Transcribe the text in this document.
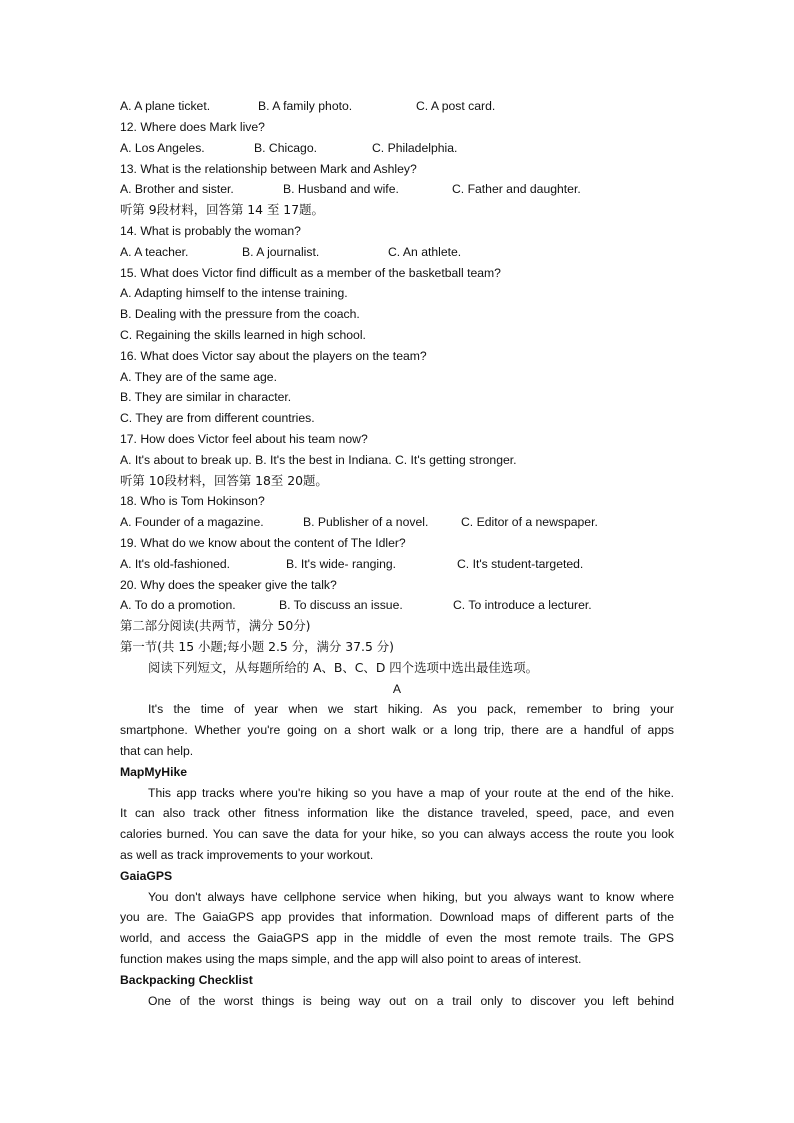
A. A plane ticket.	B. A family photo.	C. A post card.
12. Where does Mark live?
A. Los Angeles.	B. Chicago.	C. Philadelphia.
13. What is the relationship between Mark and Ashley?
A. Brother and sister.	B. Husband and wife.	C. Father and daughter.
听第 9段材料，回答第 14 至 17题。
14. What is probably the woman?
A. A teacher.	B. A journalist.	C. An athlete.
15. What does Victor find difficult as a member of the basketball team?
A. Adapting himself to the intense training.
B. Dealing with the pressure from the coach.
C. Regaining the skills learned in high school.
16. What does Victor say about the players on the team?
A. They are of the same age.
B. They are similar in character.
C. They are from different countries.
17. How does Victor feel about his team now?
A. It's about to break up. B. It's the best in Indiana. C. It's getting stronger.
听第 10段材料，回答第 18至 20题。
18. Who is Tom Hokinson?
A. Founder of a magazine.	B. Publisher of a novel.	C. Editor of a newspaper.
19. What do we know about the content of The Idler?
A. It's old-fashioned.	B. It's wide- ranging.	C. It's student-targeted.
20. Why does the speaker give the talk?
A. To do a promotion.	B. To discuss an issue.	C. To introduce a lecturer.
第二部分阅读(共两节，满分 50分)
第一节(共 15 小题;每小题 2.5 分，满分 37.5 分)
阅读下列短文，从每题所给的 A、B、C、D 四个选项中选出最佳选项。
A
It's the time of year when we start hiking. As you pack, remember to bring your
smartphone. Whether you're going on a short walk or a long trip, there are a handful of apps
that can help.
MapMyHike
This app tracks where you're hiking so you have a map of your route at the end of the hike.
It can also track other fitness information like the distance traveled, speed, pace, and even
calories burned. You can save the data for your hike, so you can always access the route you look
as well as track improvements to your workout.
GaiaGPS
You don't always have cellphone service when hiking, but you always want to know where
you are. The GaiaGPS app provides that information. Download maps of different parts of the
world, and access the GaiaGPS app in the middle of even the most remote trails. The GPS
function makes using the maps simple, and the app will also point to areas of interest.
Backpacking Checklist
One of the worst things is being way out on a trail only to discover you left behind
